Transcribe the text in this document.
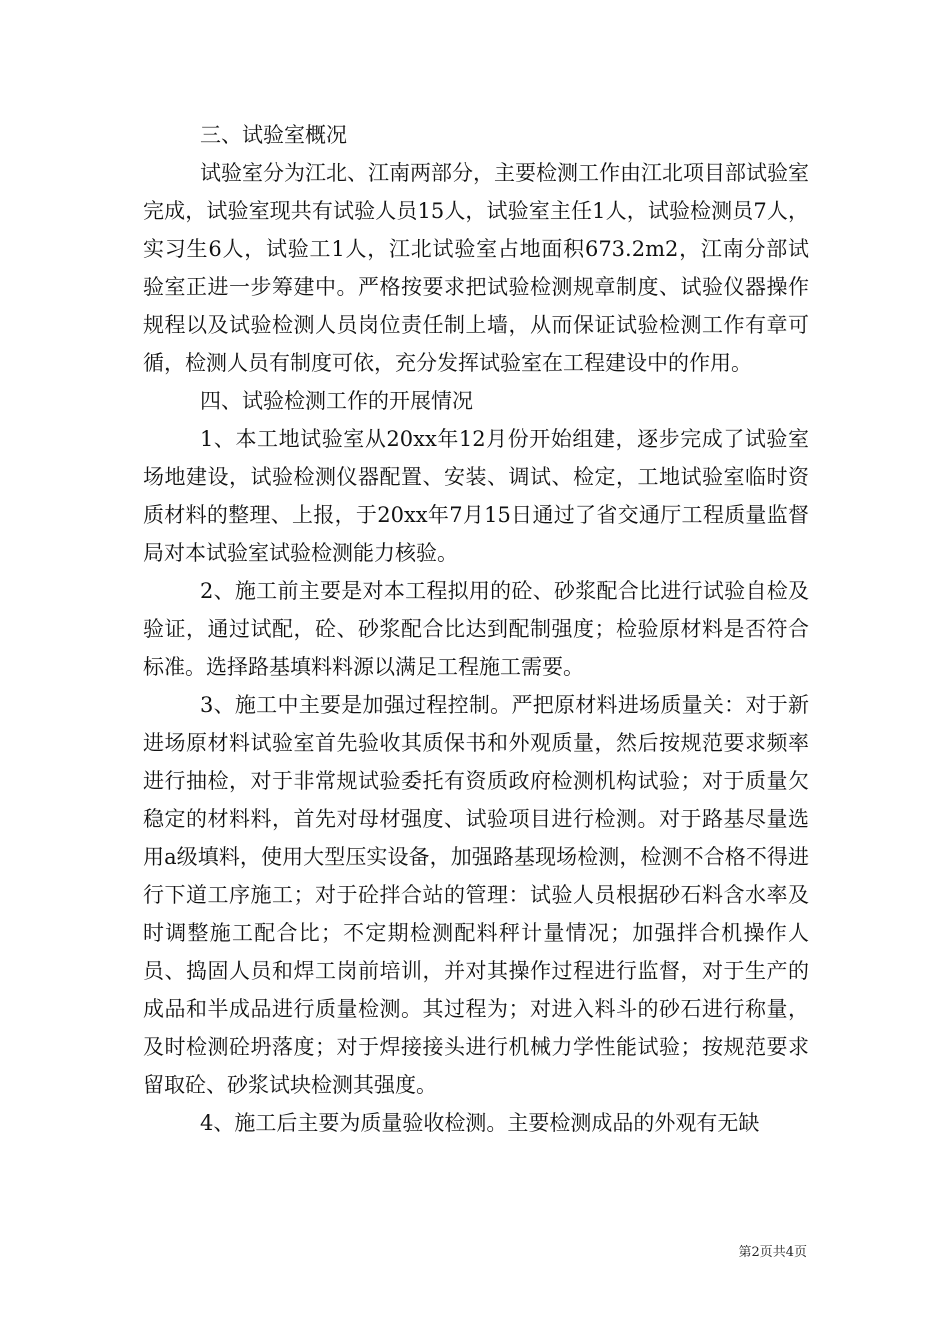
三、试验室概况

试验室分为江北、江南两部分，主要检测工作由江北项目部试验室完成，试验室现共有试验人员15人，试验室主任1人，试验检测员7人，实习生6人，试验工1人，江北试验室占地面积673.2m2，江南分部试验室正进一步筹建中。严格按要求把试验检测规章制度、试验仪器操作规程以及试验检测人员岗位责任制上墙，从而保证试验检测工作有章可循，检测人员有制度可依，充分发挥试验室在工程建设中的作用。

四、试验检测工作的开展情况

1、本工地试验室从20xx年12月份开始组建，逐步完成了试验室场地建设，试验检测仪器配置、安装、调试、检定，工地试验室临时资质材料的整理、上报，于20xx年7月15日通过了省交通厅工程质量监督局对本试验室试验检测能力核验。

2、施工前主要是对本工程拟用的砼、砂浆配合比进行试验自检及验证，通过试配，砼、砂浆配合比达到配制强度；检验原材料是否符合标准。选择路基填料料源以满足工程施工需要。

3、施工中主要是加强过程控制。严把原材料进场质量关：对于新进场原材料试验室首先验收其质保书和外观质量，然后按规范要求频率进行抽检，对于非常规试验委托有资质政府检测机构试验；对于质量欠稳定的材料料，首先对母材强度、试验项目进行检测。对于路基尽量选用a级填料，使用大型压实设备，加强路基现场检测，检测不合格不得进行下道工序施工；对于砼拌合站的管理：试验人员根据砂石料含水率及时调整施工配合比；不定期检测配料秤计量情况；加强拌合机操作人员、捣固人员和焊工岗前培训，并对其操作过程进行监督，对于生产的成品和半成品进行质量检测。其过程为；对进入料斗的砂石进行称量，及时检测砼坍落度；对于焊接接头进行机械力学性能试验；按规范要求留取砼、砂浆试块检测其强度。

4、施工后主要为质量验收检测。主要检测成品的外观有无缺

第2页共4页
